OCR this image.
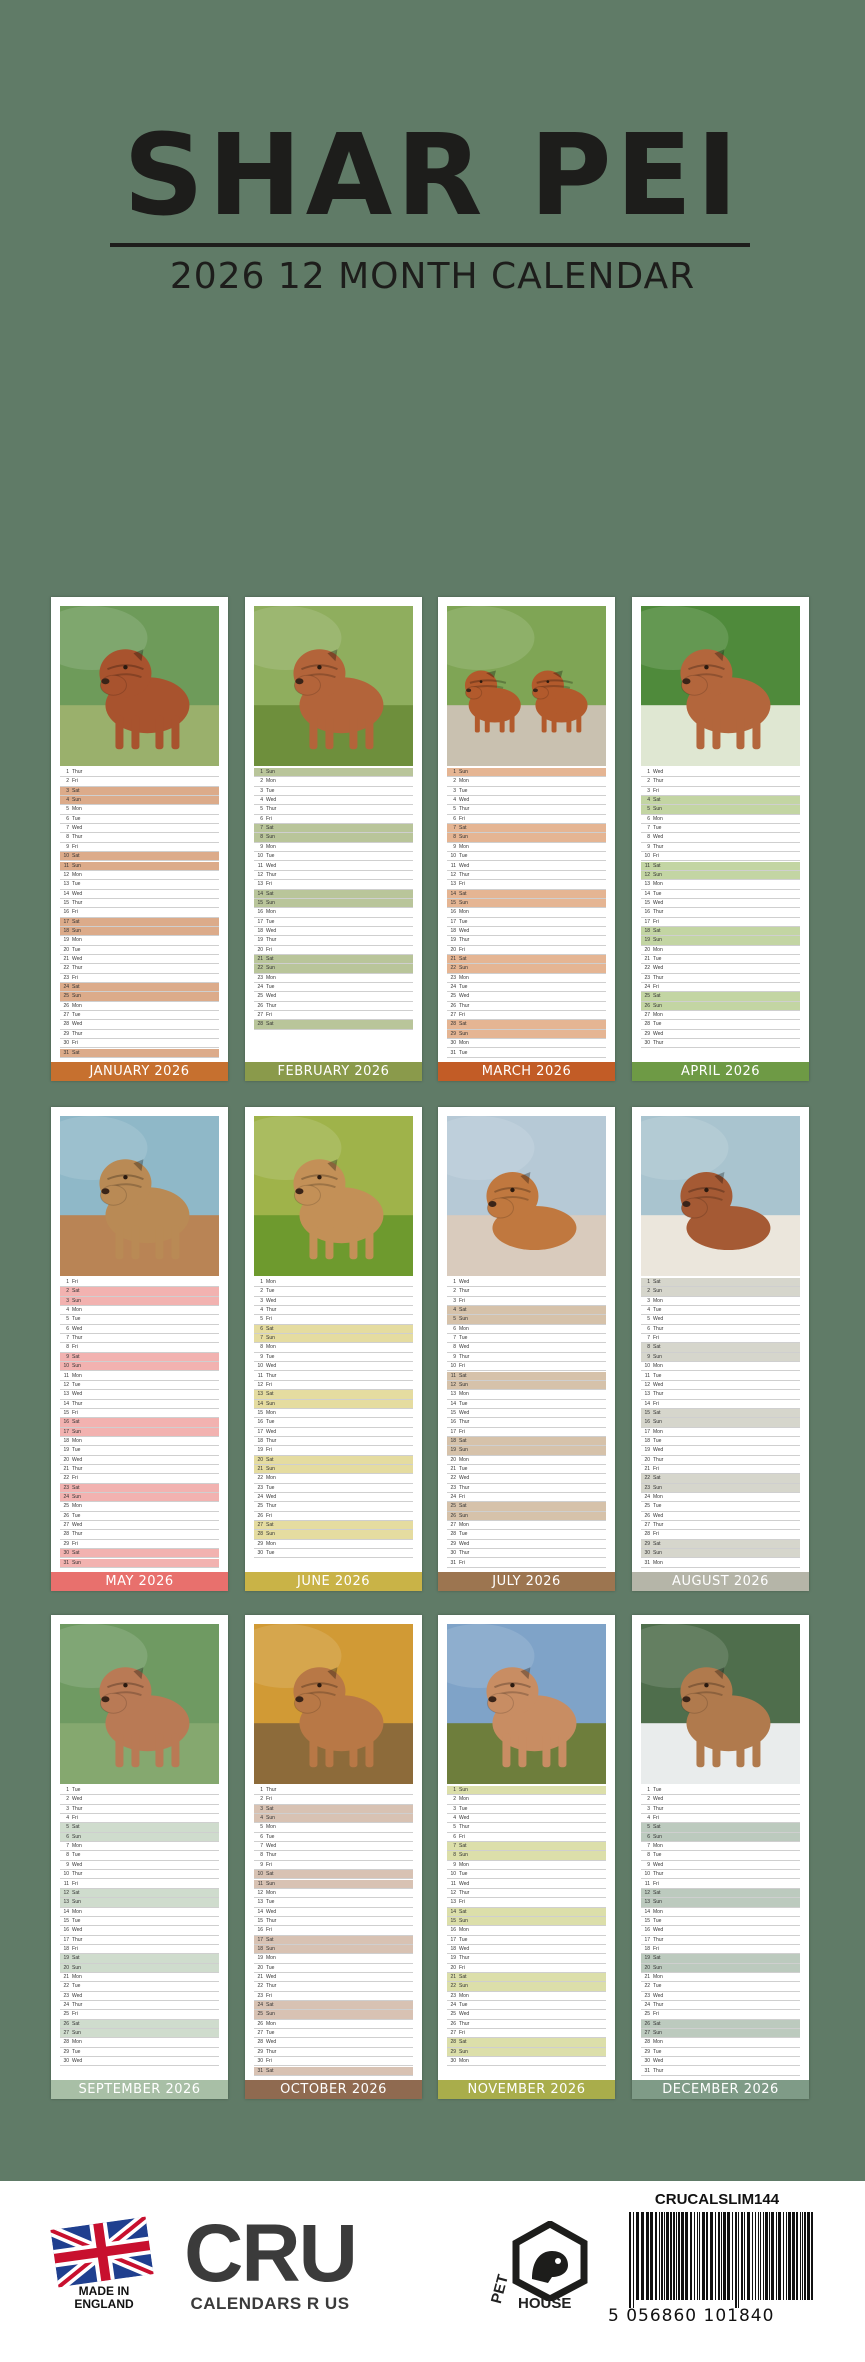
SHAR PEI
2026 12 MONTH CALENDAR
1 Thur
2 Fri
3 Sat
4 Sun
5 Mon
6 Tue
7 Wed
8 Thur
9 Fri
10 Sat
11 Sun
12 Mon
13 Tue
14 Wed
15 Thur
16 Fri
17 Sat
18 Sun
19 Mon
20 Tue
21 Wed
22 Thur
23 Fri
24 Sat
25 Sun
26 Mon
27 Tue
28 Wed
29 Thur
30 Fri
31 Sat
JANUARY 2026
1 Sun
2 Mon
3 Tue
4 Wed
5 Thur
6 Fri
7 Sat
8 Sun
9 Mon
10 Tue
11 Wed
12 Thur
13 Fri
14 Sat
15 Sun
16 Mon
17 Tue
18 Wed
19 Thur
20 Fri
21 Sat
22 Sun
23 Mon
24 Tue
25 Wed
26 Thur
27 Fri
28 Sat
FEBRUARY 2026
1 Sun
2 Mon
3 Tue
4 Wed
5 Thur
6 Fri
7 Sat
8 Sun
9 Mon
10 Tue
11 Wed
12 Thur
13 Fri
14 Sat
15 Sun
16 Mon
17 Tue
18 Wed
19 Thur
20 Fri
21 Sat
22 Sun
23 Mon
24 Tue
25 Wed
26 Thur
27 Fri
28 Sat
29 Sun
30 Mon
31 Tue
MARCH 2026
1 Wed
2 Thur
3 Fri
4 Sat
5 Sun
6 Mon
7 Tue
8 Wed
9 Thur
10 Fri
11 Sat
12 Sun
13 Mon
14 Tue
15 Wed
16 Thur
17 Fri
18 Sat
19 Sun
20 Mon
21 Tue
22 Wed
23 Thur
24 Fri
25 Sat
26 Sun
27 Mon
28 Tue
29 Wed
30 Thur
APRIL 2026
1 Fri
2 Sat
3 Sun
4 Mon
5 Tue
6 Wed
7 Thur
8 Fri
9 Sat
10 Sun
11 Mon
12 Tue
13 Wed
14 Thur
15 Fri
16 Sat
17 Sun
18 Mon
19 Tue
20 Wed
21 Thur
22 Fri
23 Sat
24 Sun
25 Mon
26 Tue
27 Wed
28 Thur
29 Fri
30 Sat
31 Sun
MAY 2026
1 Mon
2 Tue
3 Wed
4 Thur
5 Fri
6 Sat
7 Sun
8 Mon
9 Tue
10 Wed
11 Thur
12 Fri
13 Sat
14 Sun
15 Mon
16 Tue
17 Wed
18 Thur
19 Fri
20 Sat
21 Sun
22 Mon
23 Tue
24 Wed
25 Thur
26 Fri
27 Sat
28 Sun
29 Mon
30 Tue
JUNE 2026
1 Wed
2 Thur
3 Fri
4 Sat
5 Sun
6 Mon
7 Tue
8 Wed
9 Thur
10 Fri
11 Sat
12 Sun
13 Mon
14 Tue
15 Wed
16 Thur
17 Fri
18 Sat
19 Sun
20 Mon
21 Tue
22 Wed
23 Thur
24 Fri
25 Sat
26 Sun
27 Mon
28 Tue
29 Wed
30 Thur
31 Fri
JULY 2026
1 Sat
2 Sun
3 Mon
4 Tue
5 Wed
6 Thur
7 Fri
8 Sat
9 Sun
10 Mon
11 Tue
12 Wed
13 Thur
14 Fri
15 Sat
16 Sun
17 Mon
18 Tue
19 Wed
20 Thur
21 Fri
22 Sat
23 Sun
24 Mon
25 Tue
26 Wed
27 Thur
28 Fri
29 Sat
30 Sun
31 Mon
AUGUST 2026
1 Tue
2 Wed
3 Thur
4 Fri
5 Sat
6 Sun
7 Mon
8 Tue
9 Wed
10 Thur
11 Fri
12 Sat
13 Sun
14 Mon
15 Tue
16 Wed
17 Thur
18 Fri
19 Sat
20 Sun
21 Mon
22 Tue
23 Wed
24 Thur
25 Fri
26 Sat
27 Sun
28 Mon
29 Tue
30 Wed
SEPTEMBER 2026
1 Thur
2 Fri
3 Sat
4 Sun
5 Mon
6 Tue
7 Wed
8 Thur
9 Fri
10 Sat
11 Sun
12 Mon
13 Tue
14 Wed
15 Thur
16 Fri
17 Sat
18 Sun
19 Mon
20 Tue
21 Wed
22 Thur
23 Fri
24 Sat
25 Sun
26 Mon
27 Tue
28 Wed
29 Thur
30 Fri
31 Sat
OCTOBER 2026
1 Sun
2 Mon
3 Tue
4 Wed
5 Thur
6 Fri
7 Sat
8 Sun
9 Mon
10 Tue
11 Wed
12 Thur
13 Fri
14 Sat
15 Sun
16 Mon
17 Tue
18 Wed
19 Thur
20 Fri
21 Sat
22 Sun
23 Mon
24 Tue
25 Wed
26 Thur
27 Fri
28 Sat
29 Sun
30 Mon
NOVEMBER 2026
1 Tue
2 Wed
3 Thur
4 Fri
5 Sat
6 Sun
7 Mon
8 Tue
9 Wed
10 Thur
11 Fri
12 Sat
13 Sun
14 Mon
15 Tue
16 Wed
17 Thur
18 Fri
19 Sat
20 Sun
21 Mon
22 Tue
23 Wed
24 Thur
25 Fri
26 Sat
27 Sun
28 Mon
29 Tue
30 Wed
31 Thur
DECEMBER 2026
MADE IN ENGLAND
CRU
CALENDARS R US	PET HOUSE
CRUCALSLIM144
5 056860 101840
